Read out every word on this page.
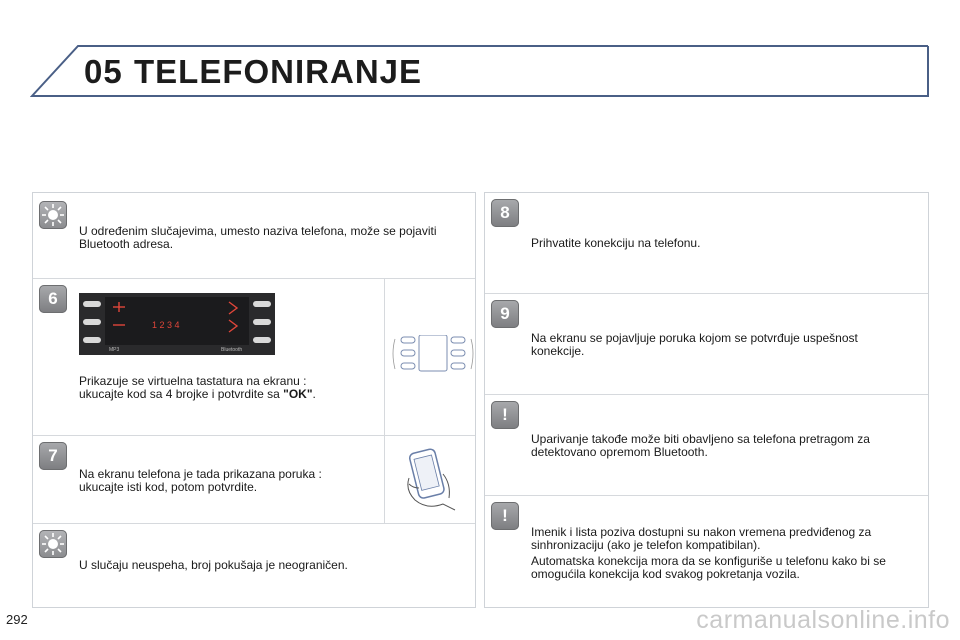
05 TELEFONIRANJE
U određenim slučajevima, umesto naziva telefona, može se pojaviti Bluetooth adresa.
6
1 2 3 4
MP3	Bluetooth
Prikazuje se virtuelna tastatura na ekranu :
ukucajte kod sa 4 brojke i potvrdite sa "OK".
7
Na ekranu telefona je tada prikazana poruka :
ukucajte isti kod, potom potvrdite.
U slučaju neuspeha, broj pokušaja je neograničen.
8
Prihvatite konekciju na telefonu.
9
Na ekranu se pojavljuje poruka kojom se potvrđuje uspešnost
konekcije.
!
Uparivanje takođe može biti obavljeno sa telefona pretragom za
detektovano opremom Bluetooth.
!
Imenik i lista poziva dostupni su nakon vremena predviđenog za
sinhronizaciju (ako je telefon kompatibilan).
Automatska konekcija mora da se konfiguriše u telefonu kako bi se
omogućila konekcija kod svakog pokretanja vozila.
292	carmanualsonline.info
